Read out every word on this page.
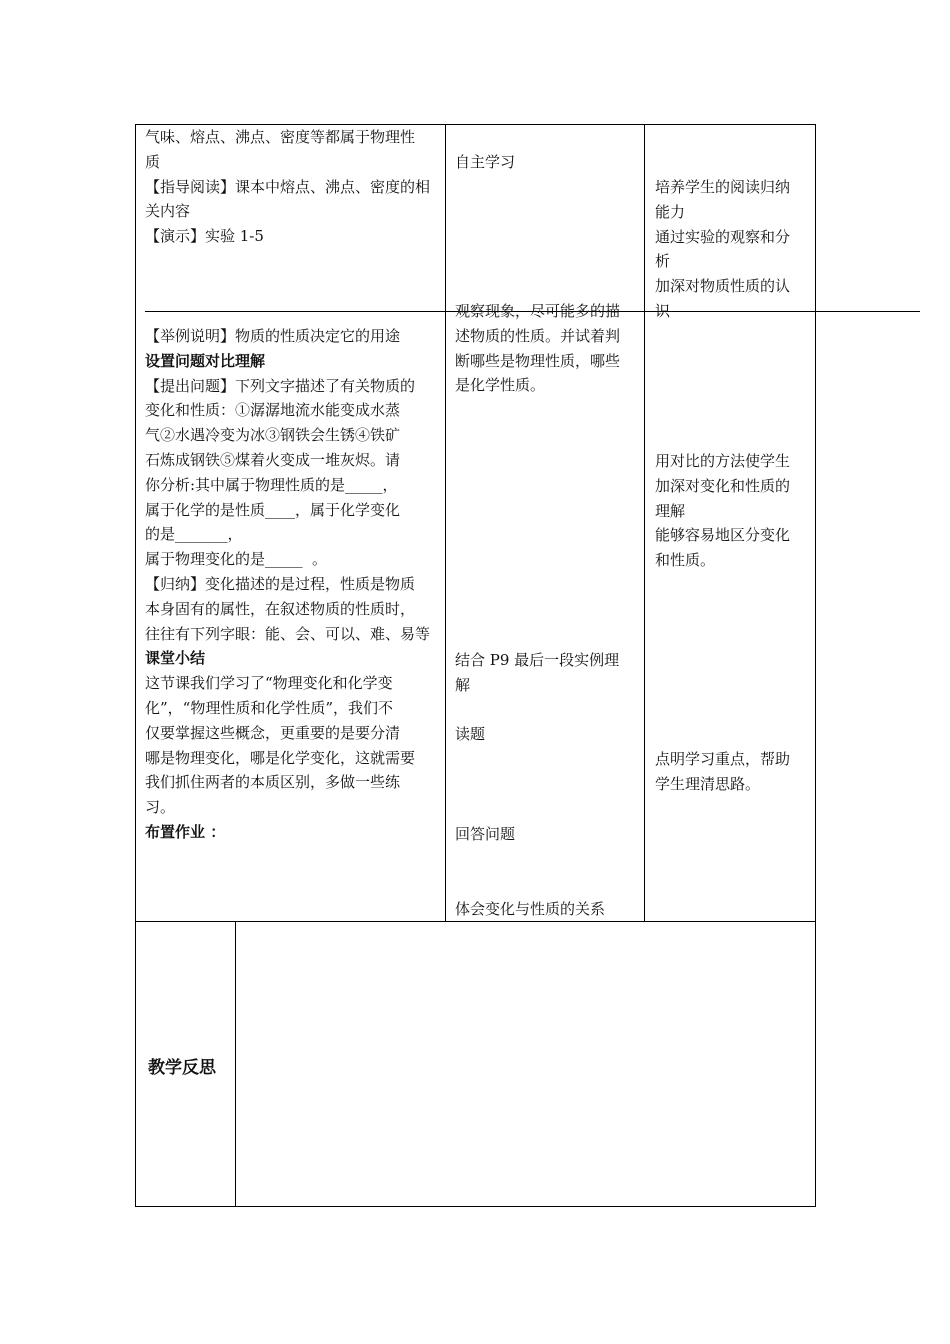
气味、熔点、沸点、密度等都属于物理性

质

【指导阅读】课本中熔点、沸点、密度的相

关内容

【演示】实验 1-5

【举例说明】物质的性质决定它的用途

设置问题对比理解

【提出问题】下列文字描述了有关物质的

变化和性质：①潺潺地流水能变成水蒸

气②水遇冷变为冰③钢铁会生锈④铁矿

石炼成钢铁⑤煤着火变成一堆灰烬。请

你分析:其中属于物理性质的是_____，

属于化学的是性质____，属于化学变化

的是_______，

属于物理变化的是_____  。

【归纳】变化描述的是过程，性质是物质

本身固有的属性，在叙述物质的性质时，

往往有下列字眼：能、会、可以、难、易等

课堂小结

这节课我们学习了“物理变化和化学变

化”，“物理性质和化学性质”，我们不

仅要掌握这些概念，更重要的是要分清

哪是物理变化，哪是化学变化，这就需要

我们抓住两者的本质区别，多做一些练

习。

布置作业 ：

自主学习

观察现象，尽可能多的描

述物质的性质。并试着判

断哪些是物理性质，哪些

是化学性质。

结合 P9 最后一段实例理

解

读题

回答问题

体会变化与性质的关系

培养学生的阅读归纳

能力

通过实验的观察和分

析

加深对物质性质的认

识

用对比的方法使学生

加深对变化和性质的

理解

能够容易地区分变化

和性质。

点明学习重点，帮助

学生理清思路。

教学反思
